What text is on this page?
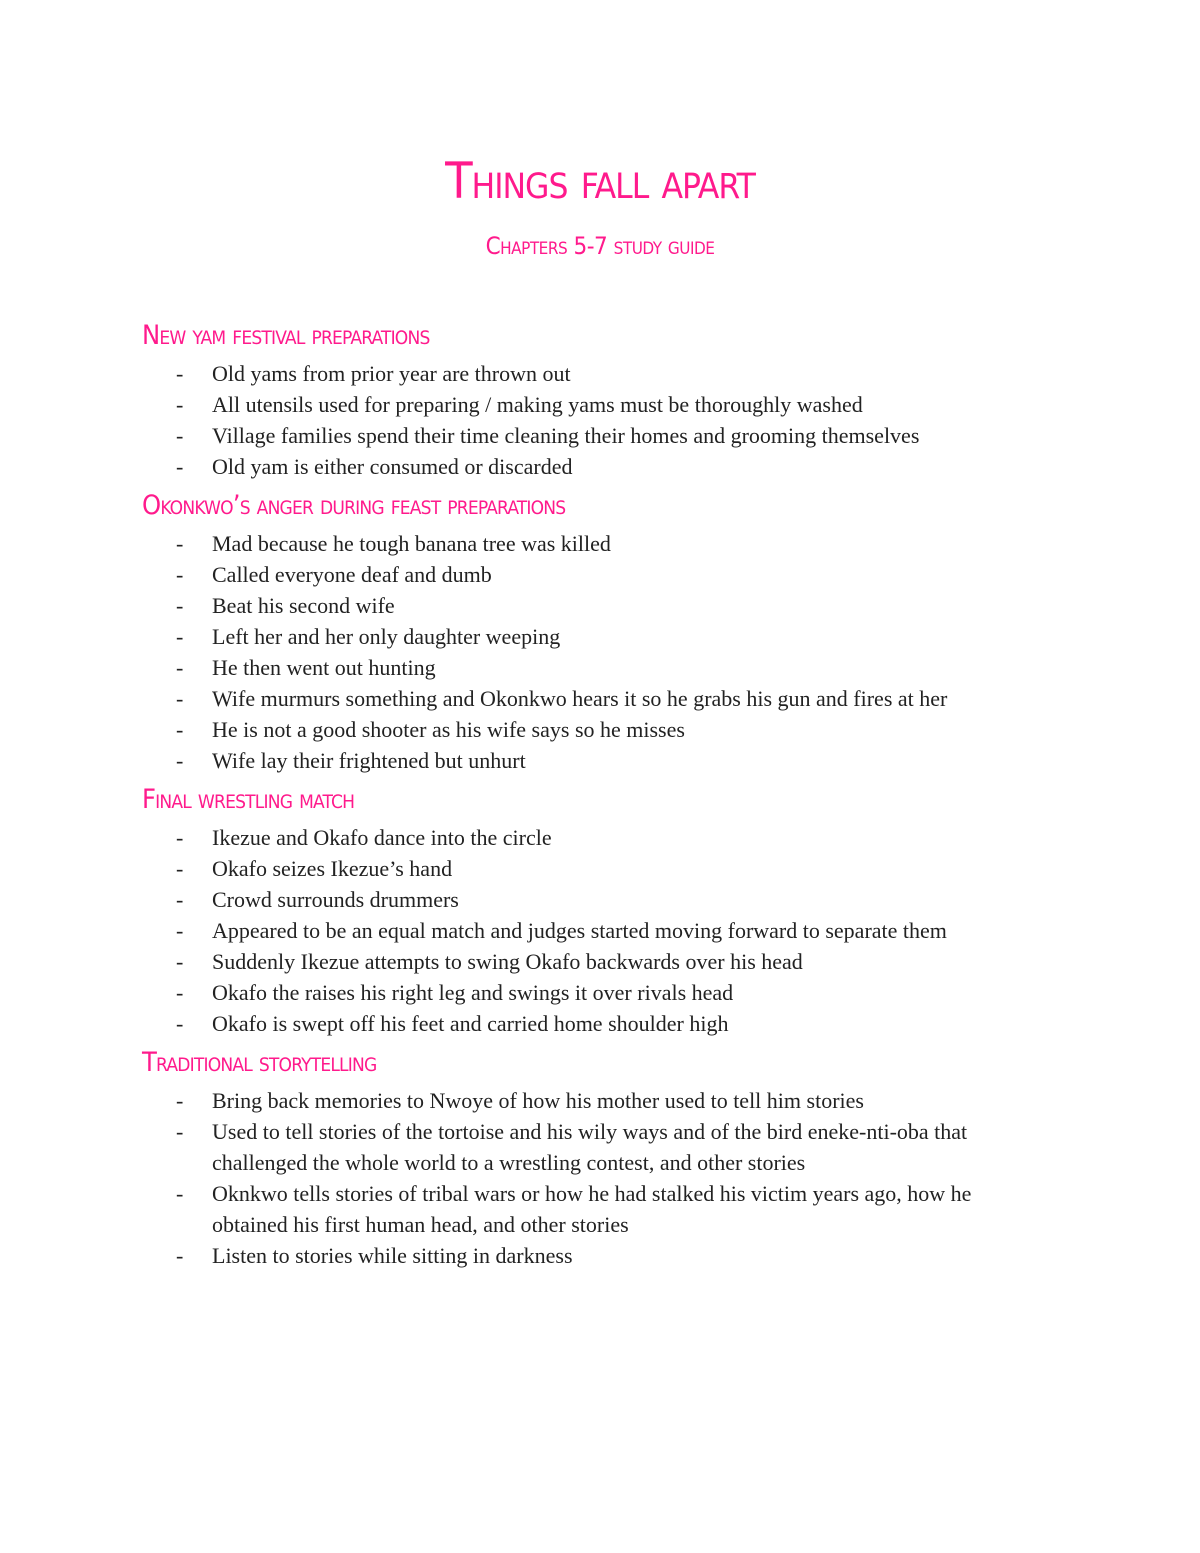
Things fall apart
Chapters 5-7 study guide
New yam festival preparations
- Old yams from prior year are thrown out
- All utensils used for preparing / making yams must be thoroughly washed
- Village families spend their time cleaning their homes and grooming themselves
- Old yam is either consumed or discarded
Okonkwo’s anger during feast preparations
- Mad because he tough banana tree was killed
- Called everyone deaf and dumb
- Beat his second wife
- Left her and her only daughter weeping
- He then went out hunting
- Wife murmurs something and Okonkwo hears it so he grabs his gun and fires at her
- He is not a good shooter as his wife says so he misses
- Wife lay their frightened but unhurt
Final wrestling match
- Ikezue and Okafo dance into the circle
- Okafo seizes Ikezue’s hand
- Crowd surrounds drummers
- Appeared to be an equal match and judges started moving forward to separate them
- Suddenly Ikezue attempts to swing Okafo backwards over his head
- Okafo the raises his right leg and swings it over rivals head
- Okafo is swept off his feet and carried home shoulder high
Traditional storytelling
- Bring back memories to Nwoye of how his mother used to tell him stories
- Used to tell stories of the tortoise and his wily ways and of the bird eneke-nti-oba that challenged the whole world to a wrestling contest, and other stories
- Oknkwo tells stories of tribal wars or how he had stalked his victim years ago, how he obtained his first human head, and other stories
- Listen to stories while sitting in darkness
